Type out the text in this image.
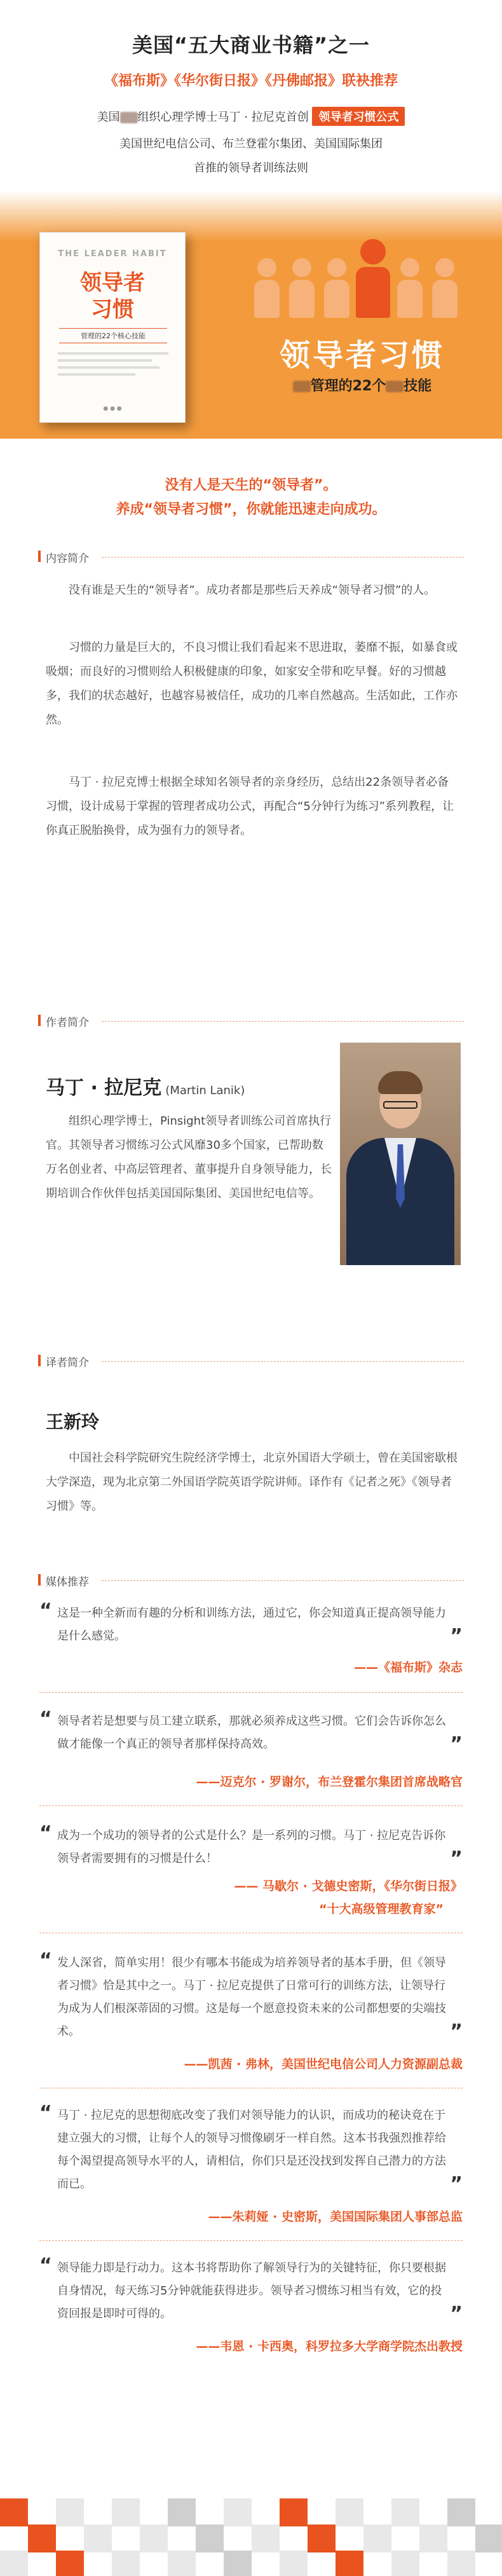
美国“五大商业书籍”之一
《福布斯》《华尔街日报》《丹佛邮报》联袂推荐
美国 组织心理学博士马丁 · 拉尼克首创 领导者习惯公式
美国世纪电信公司、布兰登霍尔集团、美国国际集团
首推的领导者训练法则
THE LEADER HABIT
领导者
习惯
管理的22个核心技能
● ● ●
领导者习惯
管理的22个 技能
没有人是天生的“领导者”。
养成“领导者习惯”，你就能迅速走向成功。
内容简介
没有谁是天生的“领导者”。成功者都是那些后天养成“领导者习惯”的人。
习惯的力量是巨大的，不良习惯让我们看起来不思进取，萎靡不振，如暴食或吸烟；而良好的习惯则给人积极健康的印象，如家安全带和吃早餐。好的习惯越多，我们的状态越好，也越容易被信任，成功的几率自然越高。生活如此，工作亦然。
马丁 · 拉尼克博士根据全球知名领导者的亲身经历，总结出22条领导者必备习惯，设计成易于掌握的管理者成功公式，再配合“5分钟行为练习”系列教程，让你真正脱胎换骨，成为强有力的领导者。
作者简介
马丁 · 拉尼克 (Martin Lanik)
组织心理学博士，Pinsight领导者训练公司首席执行官。其领导者习惯练习公式风靡30多个国家，已帮助数万名创业者、中高层管理者、董事提升自身领导能力，长期培训合作伙伴包括美国国际集团、美国世纪电信等。
译者简介
王新玲
中国社会科学院研究生院经济学博士，北京外国语大学硕士，曾在美国密歇根大学深造，现为北京第二外国语学院英语学院讲师。译作有《记者之死》《领导者习惯》等。
媒体推荐
“ 这是一种全新而有趣的分析和训练方法，通过它，你会知道真正提高领导能力是什么感觉。	”
——《福布斯》杂志
“ 领导者若是想要与员工建立联系，那就必须养成这些习惯。它们会告诉你怎么做才能像一个真正的领导者那样保持高效。	”
——迈克尔 · 罗谢尔，布兰登霍尔集团首席战略官
“ 成为一个成功的领导者的公式是什么？是一系列的习惯。马丁 · 拉尼克告诉你领导者需要拥有的习惯是什么！	”
—— 马歇尔 · 戈德史密斯，《华尔街日报》
“十大高级管理教育家”
“ 发人深省，简单实用！很少有哪本书能成为培养领导者的基本手册，但《领导者习惯》恰是其中之一。马丁 · 拉尼克提供了日常可行的训练方法，让领导行为成为人们根深蒂固的习惯。这是每一个愿意投资未来的公司都想要的尖端技术。	”
——凯茜 · 弗林，美国世纪电信公司人力资源副总裁
“ 马丁 · 拉尼克的思想彻底改变了我们对领导能力的认识，而成功的秘诀竟在于建立强大的习惯，让每个人的领导习惯像刷牙一样自然。这本书我强烈推荐给每个渴望提高领导水平的人，请相信，你们只是还没找到发挥自己潜力的方法而已。	”
——朱莉娅 · 史密斯，美国国际集团人事部总监
“ 领导能力即是行动力。这本书将帮助你了解领导行为的关键特征，你只要根据自身情况，每天练习5分钟就能获得进步。领导者习惯练习相当有效，它的投资回报是即时可得的。	”
——韦恩 · 卡西奥，科罗拉多大学商学院杰出教授
